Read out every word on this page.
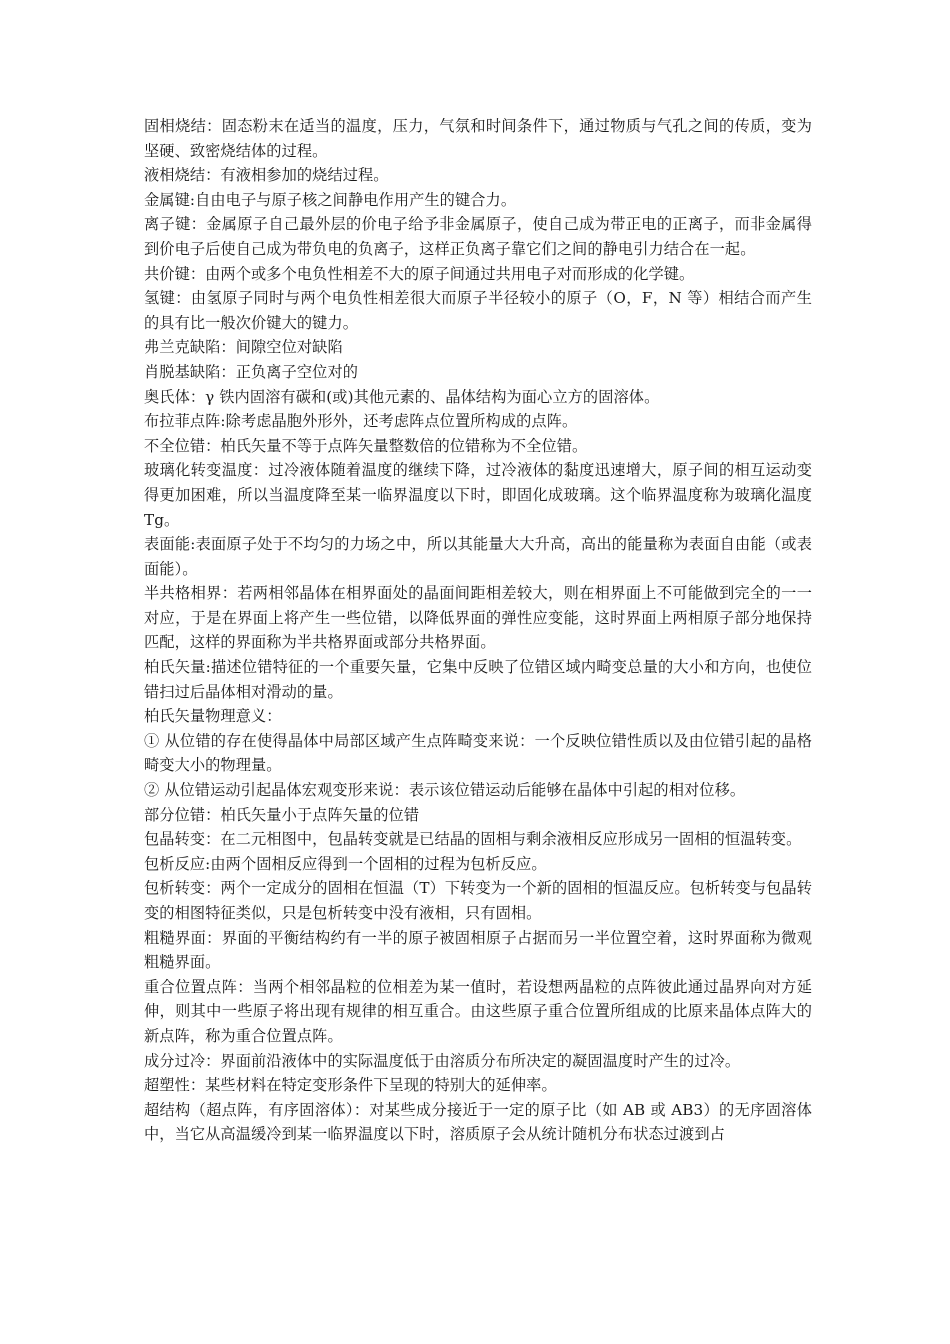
固相烧结：固态粉末在适当的温度，压力，气氛和时间条件下，通过物质与气孔之间的传质，变为坚硬、致密烧结体的过程。

液相烧结：有液相参加的烧结过程。

金属键:自由电子与原子核之间静电作用产生的键合力。

离子键：金属原子自己最外层的价电子给予非金属原子，使自己成为带正电的正离子，而非金属得到价电子后使自己成为带负电的负离子，这样正负离子靠它们之间的静电引力结合在一起。

共价键：由两个或多个电负性相差不大的原子间通过共用电子对而形成的化学键。

氢键：由氢原子同时与两个电负性相差很大而原子半径较小的原子（O，F，N 等）相结合而产生的具有比一般次价键大的键力。

弗兰克缺陷：间隙空位对缺陷

肖脱基缺陷：正负离子空位对的

奥氏体：γ 铁内固溶有碳和(或)其他元素的、晶体结构为面心立方的固溶体。

布拉菲点阵:除考虑晶胞外形外，还考虑阵点位置所构成的点阵。

不全位错：柏氏矢量不等于点阵矢量整数倍的位错称为不全位错。

玻璃化转变温度：过冷液体随着温度的继续下降，过冷液体的黏度迅速增大，原子间的相互运动变得更加困难，所以当温度降至某一临界温度以下时，即固化成玻璃。这个临界温度称为玻璃化温度 Tg。

表面能:表面原子处于不均匀的力场之中，所以其能量大大升高，高出的能量称为表面自由能（或表面能）。

半共格相界：若两相邻晶体在相界面处的晶面间距相差较大，则在相界面上不可能做到完全的一一对应，于是在界面上将产生一些位错，以降低界面的弹性应变能，这时界面上两相原子部分地保持匹配，这样的界面称为半共格界面或部分共格界面。

柏氏矢量:描述位错特征的一个重要矢量，它集中反映了位错区域内畸变总量的大小和方向，也使位错扫过后晶体相对滑动的量。

柏氏矢量物理意义：

① 从位错的存在使得晶体中局部区域产生点阵畸变来说：一个反映位错性质以及由位错引起的晶格畸变大小的物理量。

② 从位错运动引起晶体宏观变形来说：表示该位错运动后能够在晶体中引起的相对位移。

部分位错：柏氏矢量小于点阵矢量的位错

包晶转变：在二元相图中，包晶转变就是已结晶的固相与剩余液相反应形成另一固相的恒温转变。

包析反应:由两个固相反应得到一个固相的过程为包析反应。

包析转变：两个一定成分的固相在恒温（T）下转变为一个新的固相的恒温反应。包析转变与包晶转变的相图特征类似，只是包析转变中没有液相，只有固相。

粗糙界面：界面的平衡结构约有一半的原子被固相原子占据而另一半位置空着，这时界面称为微观粗糙界面。

重合位置点阵：当两个相邻晶粒的位相差为某一值时，若设想两晶粒的点阵彼此通过晶界向对方延伸，则其中一些原子将出现有规律的相互重合。由这些原子重合位置所组成的比原来晶体点阵大的新点阵，称为重合位置点阵。

成分过冷：界面前沿液体中的实际温度低于由溶质分布所决定的凝固温度时产生的过冷。

超塑性：某些材料在特定变形条件下呈现的特别大的延伸率。

超结构（超点阵，有序固溶体）：对某些成分接近于一定的原子比（如 AB 或 AB3）的无序固溶体中，当它从高温缓冷到某一临界温度以下时，溶质原子会从统计随机分布状态过渡到占
